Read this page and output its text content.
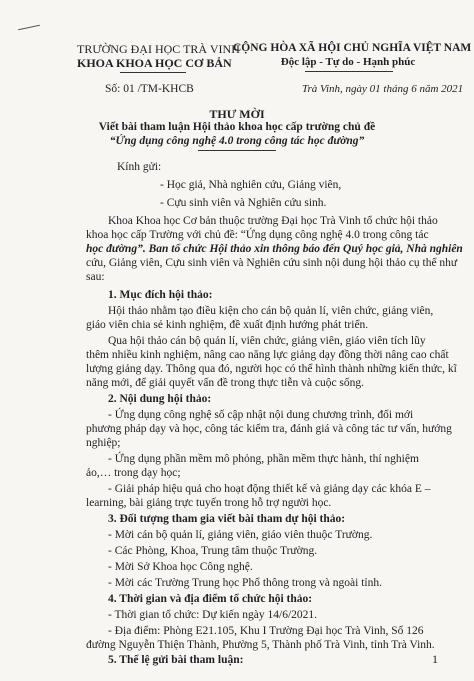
TRƯỜNG ĐẠI HỌC TRÀ VINH
KHOA KHOA HỌC CƠ BẢN
CỘNG HÒA XÃ HỘI CHỦ NGHĨA VIỆT NAM
Độc lập - Tự do - Hạnh phúc
Số: 01 /TM-KHCB	Trà Vinh, ngày 01 tháng 6 năm 2021
THƯ MỜI
Viết bài tham luận Hội thảo khoa học cấp trường chủ đề
“Ứng dụng công nghệ 4.0 trong công tác học đường”
Kính gửi:
- Học giả, Nhà nghiên cứu, Giảng viên,
- Cựu sinh viên và Nghiên cứu sinh.
Khoa Khoa học Cơ bản thuộc trường Đại học Trà Vinh tổ chức hội thảo
khoa học cấp Trường với chủ đề: “Ứng dụng công nghệ 4.0 trong công tác
học đường”. Ban tổ chức Hội thảo xin thông báo đến Quý học giả, Nhà nghiên
cứu, Giảng viên, Cựu sinh viên và Nghiên cứu sinh nội dung hội thảo cụ thể như
sau:
1. Mục đích hội thảo:
Hội thảo nhằm tạo điều kiện cho cán bộ quản lí, viên chức, giảng viên,
giáo viên chia sẻ kinh nghiệm, đề xuất định hướng phát triển.
Qua hội thảo cán bộ quản lí, viên chức, giảng viên, giáo viên tích lũy
thêm nhiều kinh nghiệm, nâng cao năng lực giảng dạy đồng thời nâng cao chất
lượng giảng dạy. Thông qua đó, người học có thể hình thành những kiến thức, kĩ
năng mới, để giải quyết vấn đề trong thực tiễn và cuộc sống.
2. Nội dung hội thảo:
- Ứng dụng công nghệ số cập nhật nội dung chương trình, đổi mới
phương pháp dạy và học, công tác kiểm tra, đánh giá và công tác tư vấn, hướng
nghiệp;
- Ứng dụng phần mềm mô phỏng, phần mềm thực hành, thí nghiệm
ảo,… trong dạy học;
- Giải pháp hiệu quả cho hoạt động thiết kế và giảng dạy các khóa E –
learning, bài giảng trực tuyến trong hỗ trợ người học.
3. Đối tượng tham gia viết bài tham dự hội thảo:
- Mời cán bộ quản lí, giảng viên, giáo viên thuộc Trường.
- Các Phòng, Khoa, Trung tâm thuộc Trường.
- Mời Sở Khoa học Công nghệ.
- Mời các Trường Trung học Phổ thông trong và ngoài tỉnh.
4. Thời gian và địa điểm tổ chức hội thảo:
- Thời gian tổ chức: Dự kiến ngày 14/6/2021.
- Địa điểm: Phòng E21.105, Khu I Trường Đại học Trà Vinh, Số 126
đường Nguyễn Thiện Thành, Phường 5, Thành phố Trà Vinh, tỉnh Trà Vinh.
5. Thể lệ gửi bài tham luận:	1
